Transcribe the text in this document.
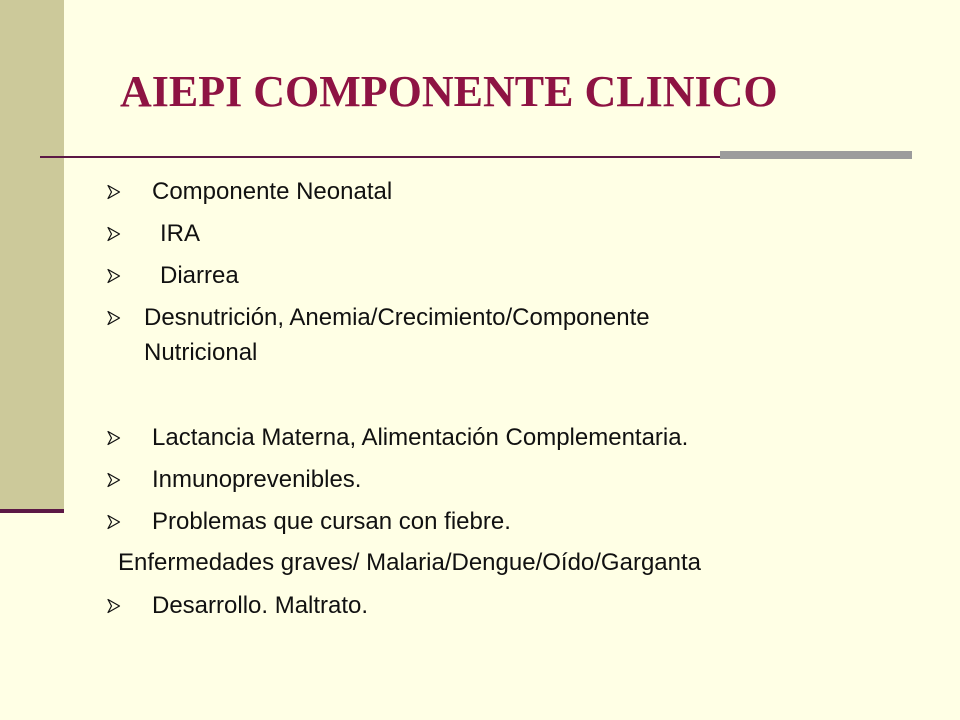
AIEPI COMPONENTE CLINICO
Componente Neonatal
IRA
Diarrea
Desnutrición, Anemia/Crecimiento/Componente
Nutricional
Lactancia Materna, Alimentación Complementaria.
Inmunoprevenibles.
Problemas que cursan con fiebre.
Enfermedades graves/ Malaria/Dengue/Oído/Garganta
Desarrollo. Maltrato.
